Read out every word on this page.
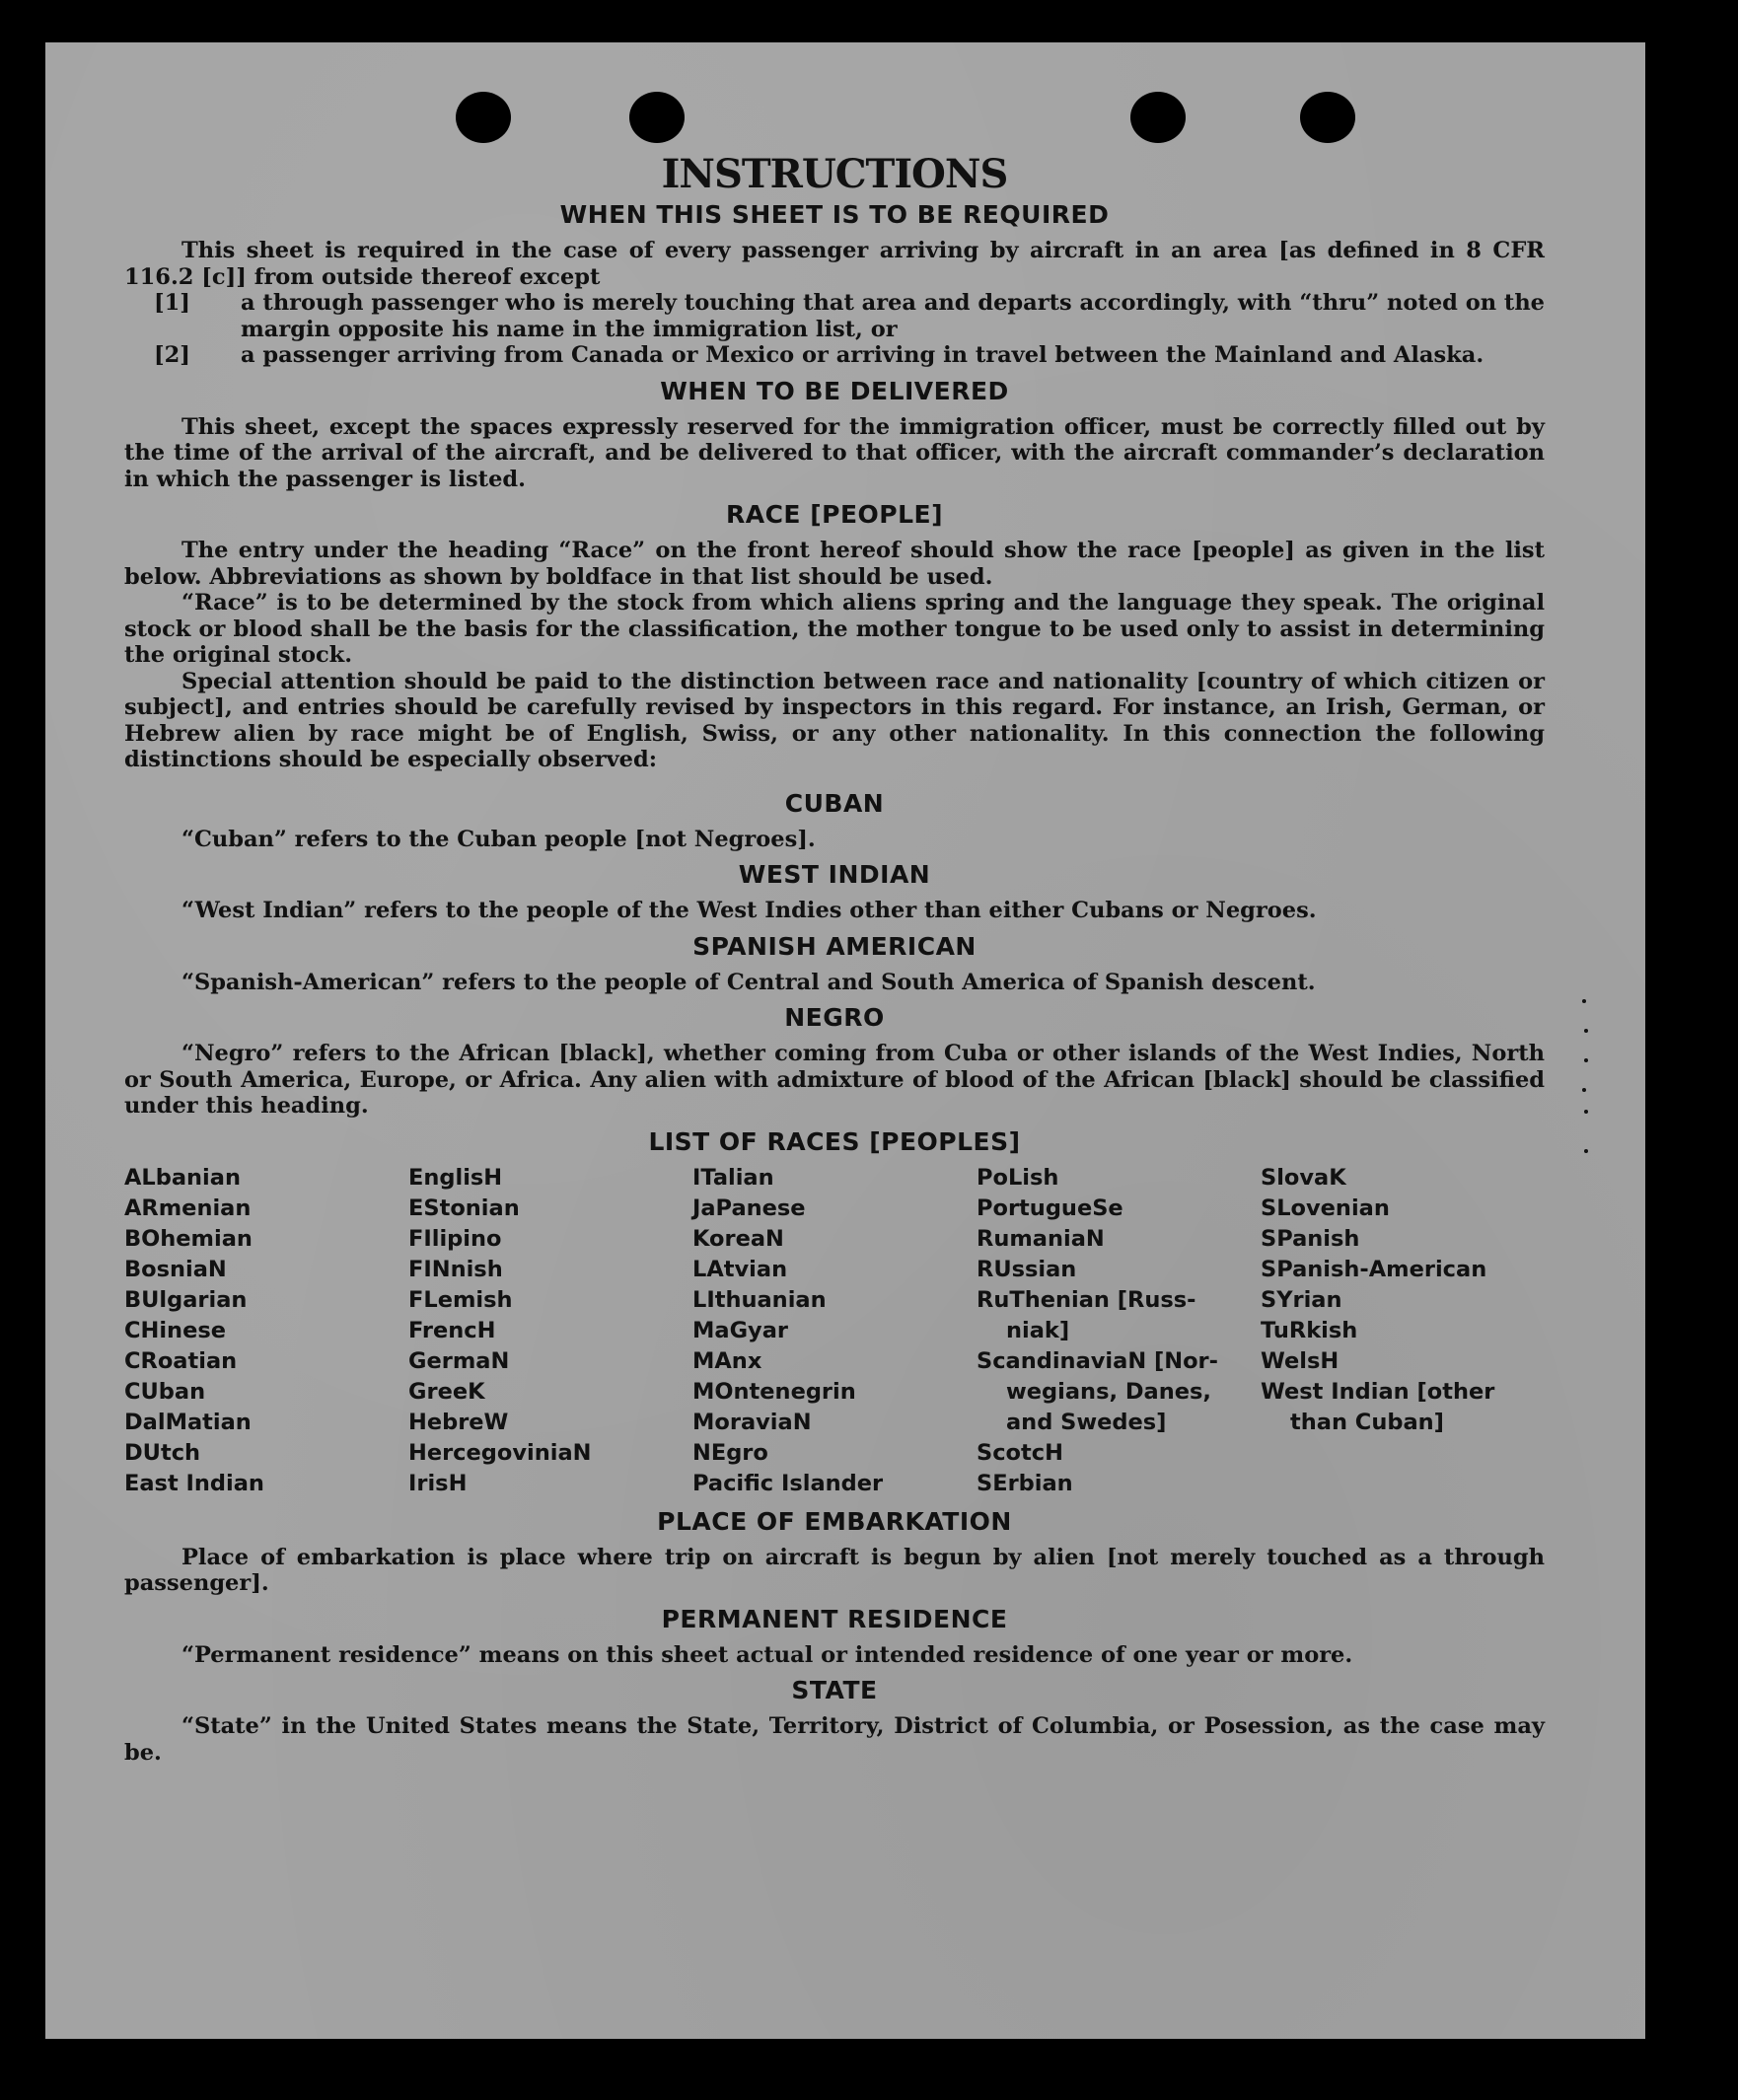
INSTRUCTIONS
WHEN THIS SHEET IS TO BE REQUIRED

This sheet is required in the case of every passenger arriving by aircraft in an area [as defined in 8 CFR 116.2 [c]] from outside thereof except

[1] a through passenger who is merely touching that area and departs accordingly, with “thru” noted on the margin opposite his name in the immigration list, or

[2] a passenger arriving from Canada or Mexico or arriving in travel between the Mainland and Alaska.

WHEN TO BE DELIVERED

This sheet, except the spaces expressly reserved for the immigration officer, must be correctly filled out by the time of the arrival of the aircraft, and be delivered to that officer, with the aircraft commander’s declaration in which the passenger is listed.

RACE [PEOPLE]

The entry under the heading “Race” on the front hereof should show the race [people] as given in the list below. Abbreviations as shown by boldface in that list should be used.

“Race” is to be determined by the stock from which aliens spring and the language they speak. The original stock or blood shall be the basis for the classification, the mother tongue to be used only to assist in determining the original stock.

Special attention should be paid to the distinction between race and nationality [country of which citizen or subject], and entries should be carefully revised by inspectors in this regard. For instance, an Irish, German, or Hebrew alien by race might be of English, Swiss, or any other nationality. In this connection the following distinctions should be especially observed:

CUBAN

“Cuban” refers to the Cuban people [not Negroes].

WEST INDIAN

“West Indian” refers to the people of the West Indies other than either Cubans or Negroes.

SPANISH AMERICAN

“Spanish-American” refers to the people of Central and South America of Spanish descent.

NEGRO

“Negro” refers to the African [black], whether coming from Cuba or other islands of the West Indies, North or South America, Europe, or Africa. Any alien with admixture of blood of the African [black] should be classified under this heading.

LIST OF RACES [PEOPLES]
ALbanian
ARmenian
BOhemian
BosniaN
BUlgarian
CHinese
CRoatian
CUban
DalMatian
DUtch
East Indian
EnglisH
EStonian
FIlipino
FINnish
FLemish
FrencH
GermaN
GreeK
HebreW
HercegoviniaN
IrisH
ITalian
JaPanese
KoreaN
LAtvian
LIthuanian
MaGyar
MAnx
MOntenegrin
MoraviaN
NEgro
Pacific Islander
PoLish
PortugueSe
RumaniaN
RUssian
RuThenian [Russ-
niak]
ScandinaviaN [Nor-
wegians, Danes,
and Swedes]
ScotcH
SErbian
SlovaK
SLovenian
SPanish
SPanish-American
SYrian
TuRkish
WelsH
West Indian [other
than Cuban]
PLACE OF EMBARKATION

Place of embarkation is place where trip on aircraft is begun by alien [not merely touched as a through passenger].

PERMANENT RESIDENCE

“Permanent residence” means on this sheet actual or intended residence of one year or more.

STATE

“State” in the United States means the State, Territory, District of Columbia, or Posession, as the case may be.
